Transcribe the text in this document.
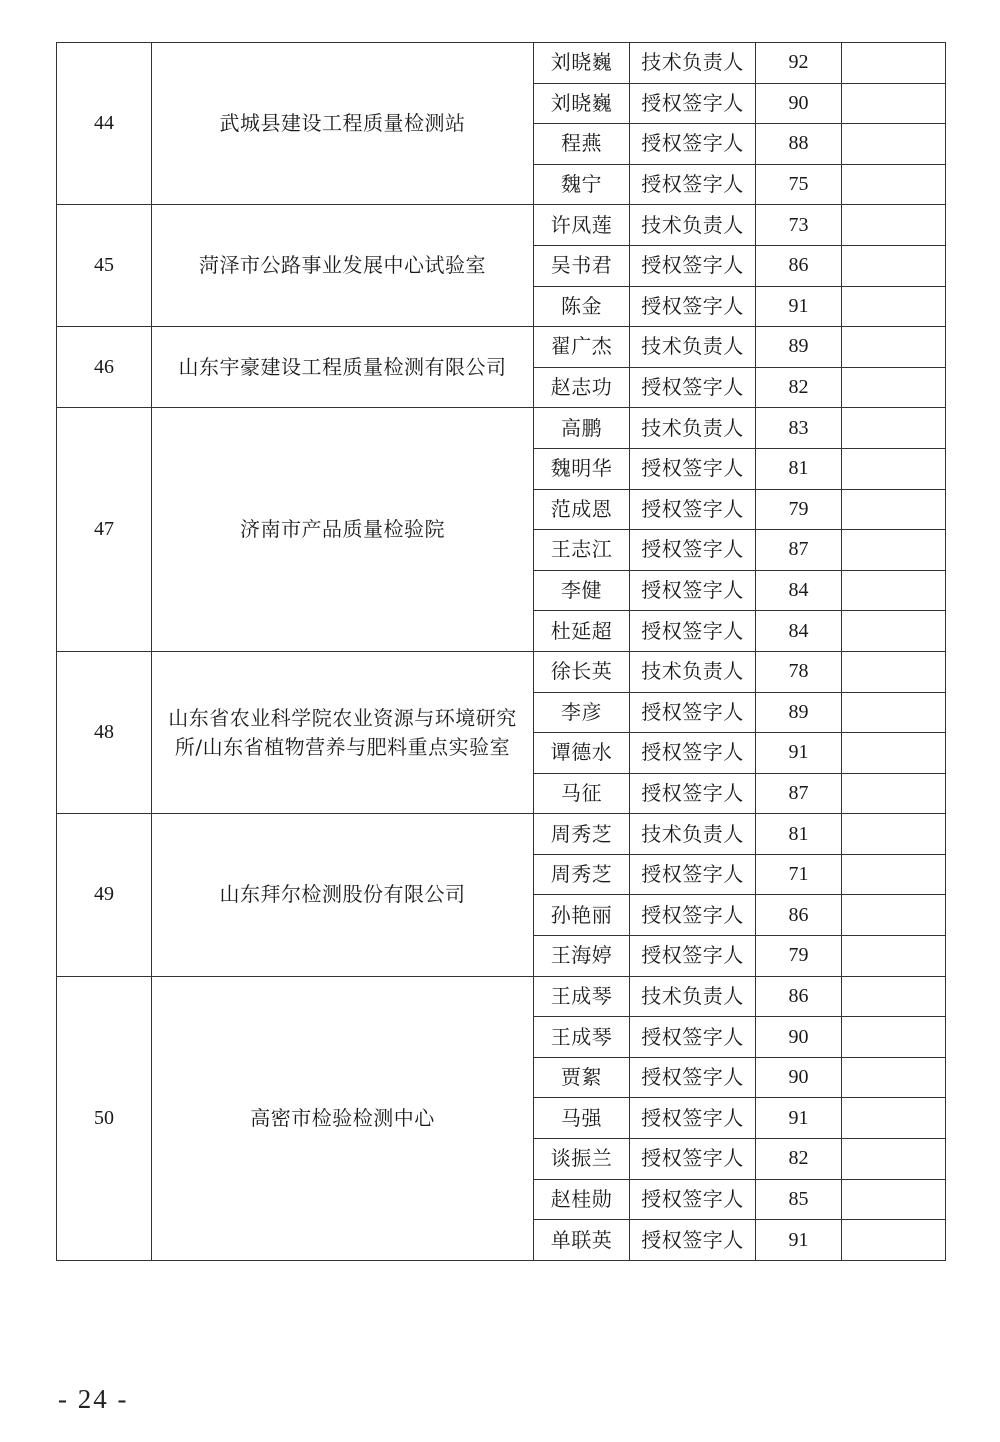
44	武城县建设工程质量检测站	刘晓巍	技术负责人	92	
		刘晓巍	授权签字人	90	
		程燕	授权签字人	88	
		魏宁	授权签字人	75	
45	菏泽市公路事业发展中心试验室	许凤莲	技术负责人	73	
		吴书君	授权签字人	86	
		陈金	授权签字人	91	
46	山东宇豪建设工程质量检测有限公司	翟广杰	技术负责人	89	
		赵志功	授权签字人	82	
47	济南市产品质量检验院	高鹏	技术负责人	83	
		魏明华	授权签字人	81	
		范成恩	授权签字人	79	
		王志江	授权签字人	87	
		李健	授权签字人	84	
		杜延超	授权签字人	84	
48	山东省农业科学院农业资源与环境研究
所/山东省植物营养与肥料重点实验室	徐长英	技术负责人	78	
		李彦	授权签字人	89	
		谭德水	授权签字人	91	
		马征	授权签字人	87	
49	山东拜尔检测股份有限公司	周秀芝	技术负责人	81	
		周秀芝	授权签字人	71	
		孙艳丽	授权签字人	86	
		王海婷	授权签字人	79	
50	高密市检验检测中心	王成琴	技术负责人	86	
		王成琴	授权签字人	90	
		贾絮	授权签字人	90	
		马强	授权签字人	91	
		谈振兰	授权签字人	82	
		赵桂勋	授权签字人	85	
		单联英	授权签字人	91	
- 24 -
